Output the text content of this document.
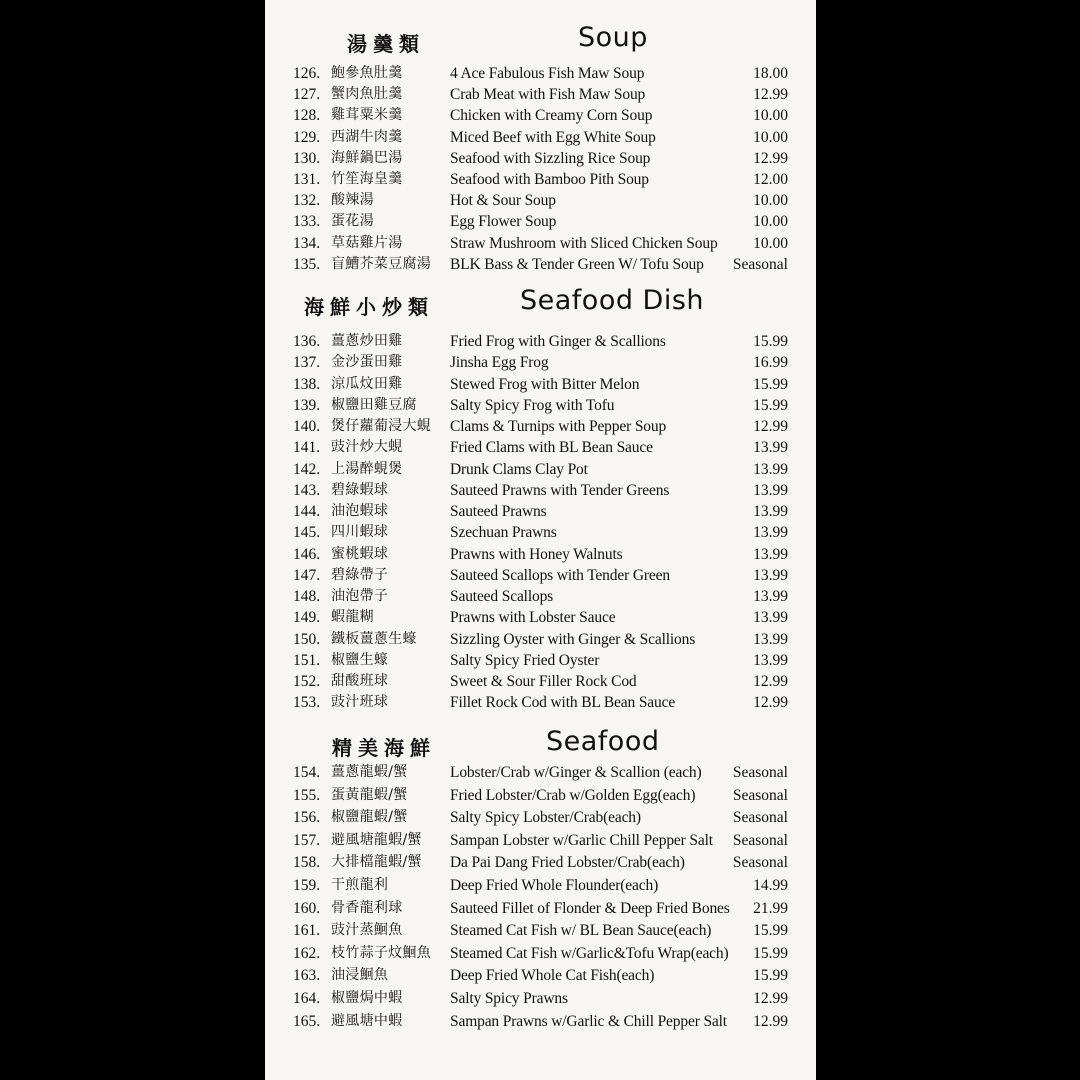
湯羹類	Soup
126. 鮑參魚肚羹	4 Ace Fabulous Fish Maw Soup	18.00
127. 蟹肉魚肚羹	Crab Meat with Fish Maw Soup	12.99
128. 雞茸粟米羹	Chicken with Creamy Corn Soup	10.00
129. 西湖牛肉羹	Miced Beef with Egg White Soup	10.00
130. 海鮮鍋巴湯	Seafood with Sizzling Rice Soup	12.99
131. 竹笙海皇羹	Seafood with Bamboo Pith Soup	12.00
132. 酸辣湯	Hot & Sour Soup	10.00
133. 蛋花湯	Egg Flower Soup	10.00
134. 草菇雞片湯	Straw Mushroom with Sliced Chicken Soup 10.00
135. 盲鰽芥菜豆腐湯 BLK Bass & Tender Green W/ Tofu Soup Seasonal
海鮮小炒類	Seafood Dish
136. 薑蔥炒田雞	Fried Frog with Ginger & Scallions	15.99
137. 金沙蛋田雞	Jinsha Egg Frog	16.99
138. 涼瓜炆田雞	Stewed Frog with Bitter Melon	15.99
139. 椒鹽田雞豆腐 Salty Spicy Frog with Tofu	15.99
140. 煲仔蘿葡浸大蜆 Clams & Turnips with Pepper Soup	12.99
141. 豉汁炒大蜆	Fried Clams with BL Bean Sauce	13.99
142. 上湯醉蜆煲	Drunk Clams Clay Pot	13.99
143. 碧綠蝦球	Sauteed Prawns with Tender Greens	13.99
144. 油泡蝦球	Sauteed Prawns	13.99
145. 四川蝦球	Szechuan Prawns	13.99
146. 蜜桃蝦球	Prawns with Honey Walnuts	13.99
147. 碧綠帶子	Sauteed Scallops with Tender Green	13.99
148. 油泡帶子	Sauteed Scallops	13.99
149. 蝦龍糊	Prawns with Lobster Sauce	13.99
150. 鐵板薑蔥生蠔 Sizzling Oyster with Ginger & Scallions	13.99
151. 椒鹽生蠔	Salty Spicy Fried Oyster	13.99
152. 甜酸班球	Sweet & Sour Filler Rock Cod	12.99
153. 豉汁班球	Fillet Rock Cod with BL Bean Sauce	12.99
精美海鮮	Seafood
154. 薑蔥龍蝦/蟹	Lobster/Crab w/Ginger & Scallion (each) Seasonal
155. 蛋黃龍蝦/蟹	Fried Lobster/Crab w/Golden Egg(each) Seasonal
156. 椒鹽龍蝦/蟹	Salty Spicy Lobster/Crab(each)	Seasonal
157. 避風塘龍蝦/蟹 Sampan Lobster w/Garlic Chill Pepper Salt Seasonal
158. 大排檔龍蝦/蟹 Da Pai Dang Fried Lobster/Crab(each)	Seasonal
159. 干煎龍利	Deep Fried Whole Flounder(each)	14.99
160. 骨香龍利球	Sauteed Fillet of Flonder & Deep Fried Bones 21.99
161. 豉汁蒸鮰魚	Steamed Cat Fish w/ BL Bean Sauce(each)	15.99
162. 枝竹蒜子炆鮰魚 Steamed Cat Fish w/Garlic&Tofu Wrap(each) 15.99
163. 油浸鮰魚	Deep Fried Whole Cat Fish(each)	15.99
164. 椒鹽焗中蝦	Salty Spicy Prawns	12.99
165. 避風塘中蝦	Sampan Prawns w/Garlic & Chill Pepper Salt 12.99
